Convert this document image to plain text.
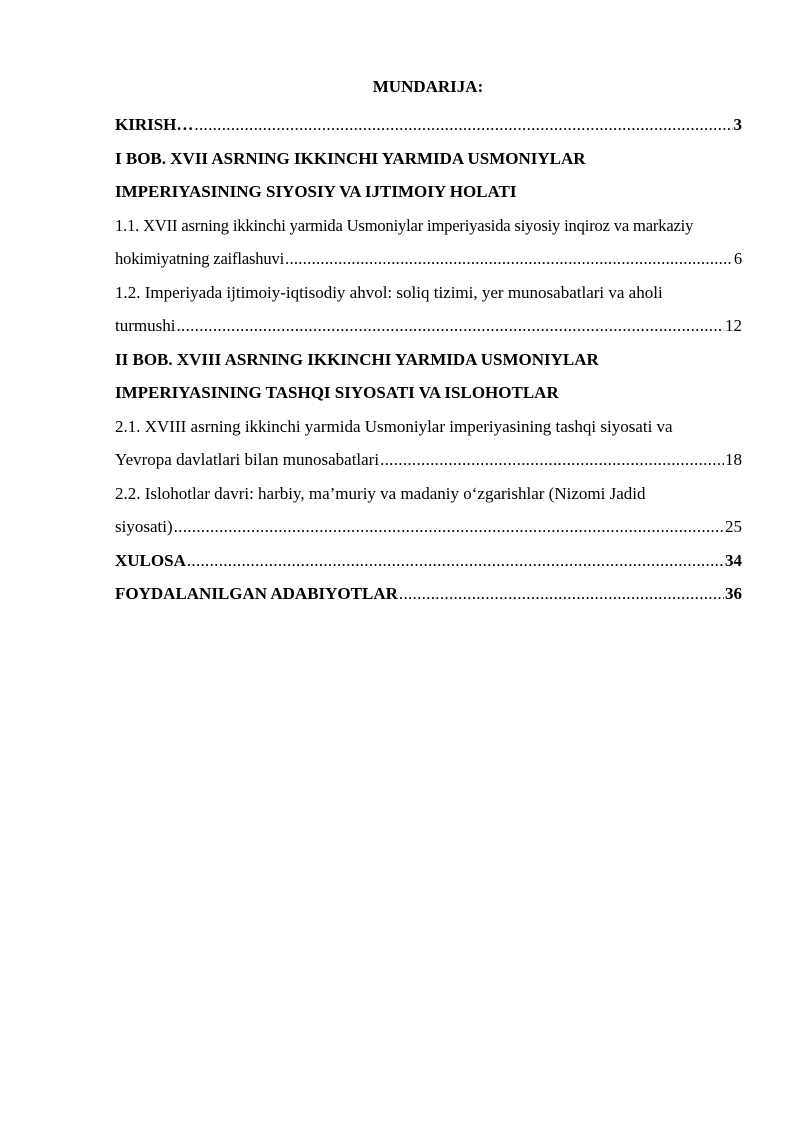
MUNDARIJA:
KIRISH… .....	3
I BOB. XVII ASRNING IKKINCHI YARMIDA USMONIYLAR
IMPERIYASINING SIYOSIY VA IJTIMOIY HOLATI
1.1. XVII asrning ikkinchi yarmida Usmoniylar imperiyasida siyosiy inqiroz va markaziy
hokimiyatning zaiflashuvi .....	6
1.2. Imperiyada ijtimoiy-iqtisodiy ahvol: soliq tizimi, yer munosabatlari va aholi
turmushi .....	12
II BOB. XVIII ASRNING IKKINCHI YARMIDA USMONIYLAR
IMPERIYASINING TASHQI SIYOSATI VA ISLOHOTLAR
2.1. XVIII asrning ikkinchi yarmida Usmoniylar imperiyasining tashqi siyosati va
Yevropa davlatlari bilan munosabatlari .....	18
2.2. Islohotlar davri: harbiy, ma’muriy va madaniy o‘zgarishlar (Nizomi Jadid
siyosati) .....	25
XULOSA .....	34
FOYDALANILGAN ADABIYOTLAR .....	36
